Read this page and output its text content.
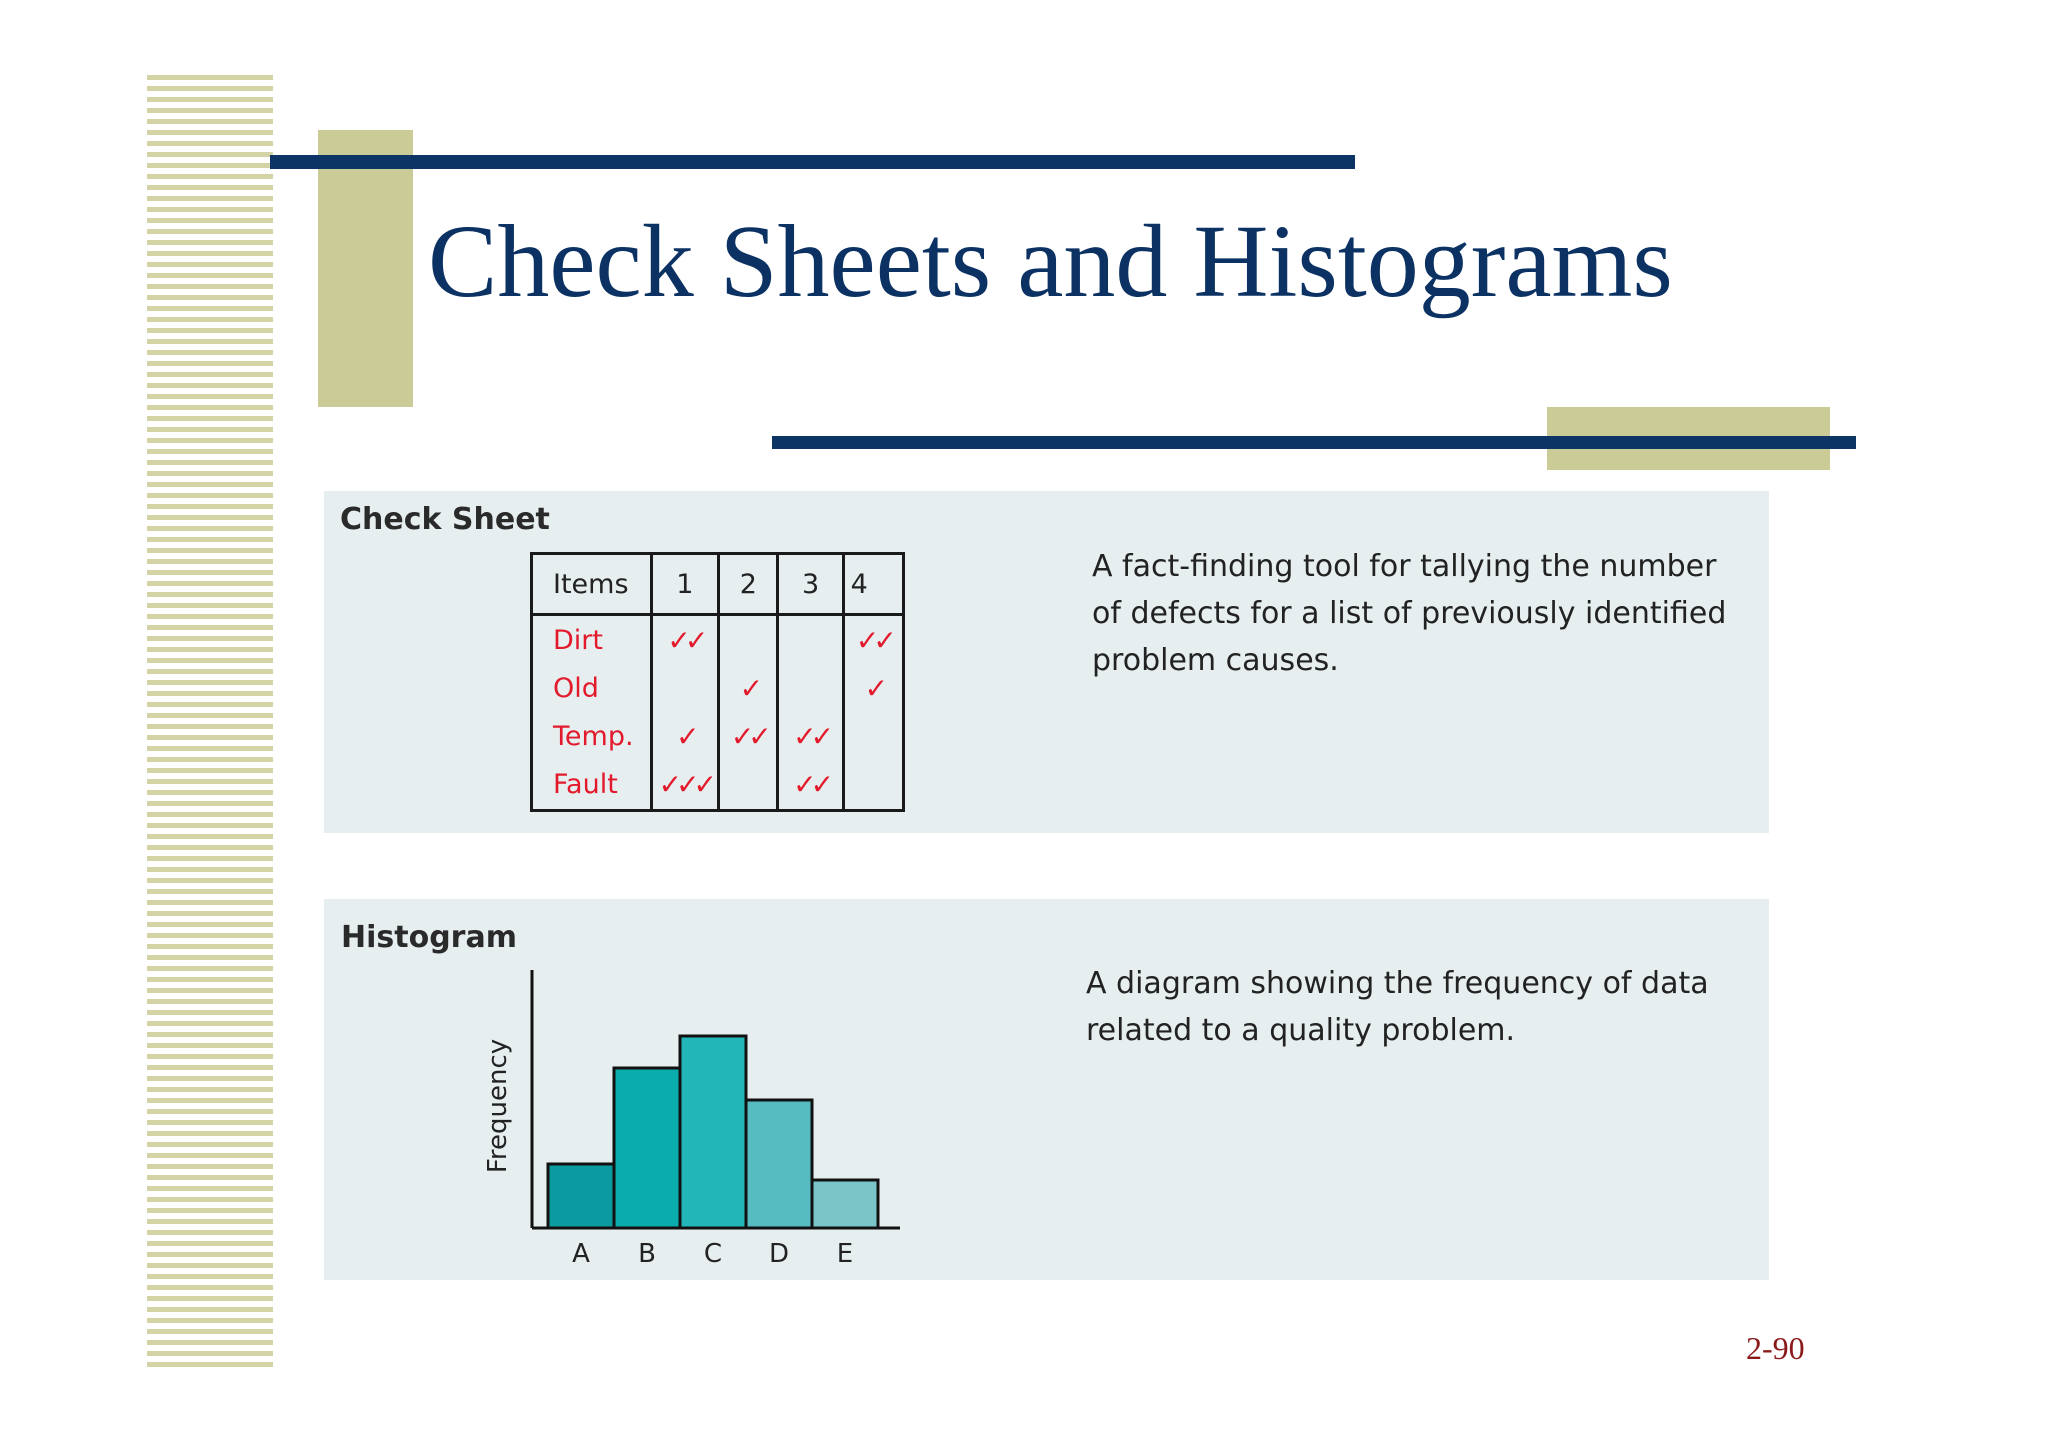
Check Sheets and Histograms
Check Sheet
Items	1	2	3	4
Dirt	✓✓			✓✓
Old		✓		✓
Temp.	✓	✓✓	✓✓	
Fault	✓✓✓		✓✓	

A fact-finding tool for tallying the number of defects for a list of previously identified problem causes.

Histogram
A B C D E
Frequency

A diagram showing the frequency of data related to a quality problem.

2-90
